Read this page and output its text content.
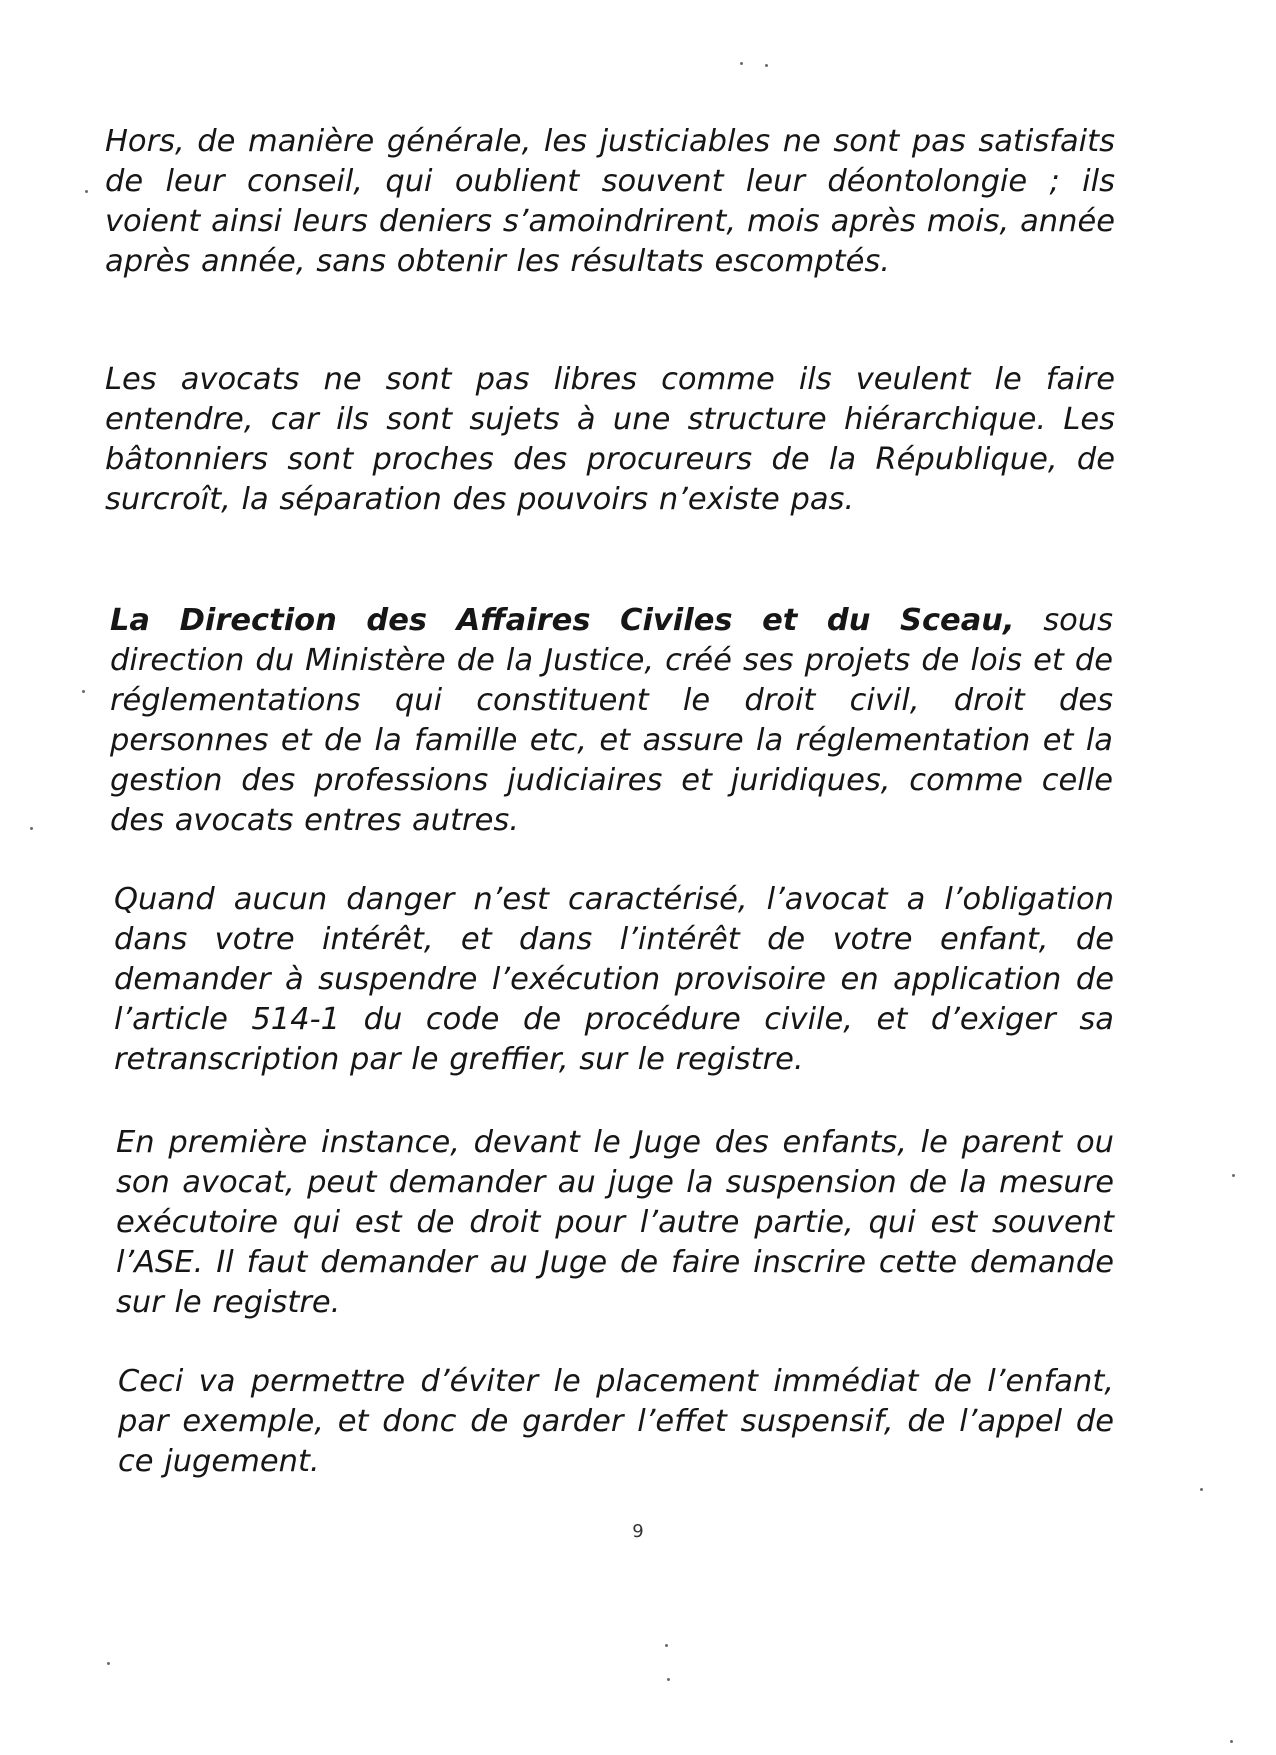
Hors, de manière générale, les justiciables ne sont pas satisfaits de leur conseil, qui oublient souvent leur déontolongie ; ils voient ainsi leurs deniers s’amoindrirent, mois après mois, année après année, sans obtenir les résultats escomptés.

Les avocats ne sont pas libres comme ils veulent le faire entendre, car ils sont sujets à une structure hiérarchique. Les bâtonniers sont proches des procureurs de la République, de surcroît, la séparation des pouvoirs n’existe pas.

La Direction des Affaires Civiles et du Sceau, sous direction du Ministère de la Justice, créé ses projets de lois et de réglementations qui constituent le droit civil, droit des personnes et de la famille etc, et assure la réglementation et la gestion des professions judiciaires et juridiques, comme celle des avocats entres autres.

Quand aucun danger n’est caractérisé, l’avocat a l’obligation dans votre intérêt, et dans l’intérêt de votre enfant, de demander à suspendre l’exécution provisoire en application de l’article 514-1 du code de procédure civile, et d’exiger sa retranscription par le greffier, sur le registre.

En première instance, devant le Juge des enfants, le parent ou son avocat, peut demander au juge la suspension de la mesure exécutoire qui est de droit pour l’autre partie, qui est souvent l’ASE. Il faut demander au Juge de faire inscrire cette demande sur le registre.

Ceci va permettre d’éviter le placement immédiat de l’enfant, par exemple, et donc de garder l’effet suspensif, de l’appel de ce jugement.

9
